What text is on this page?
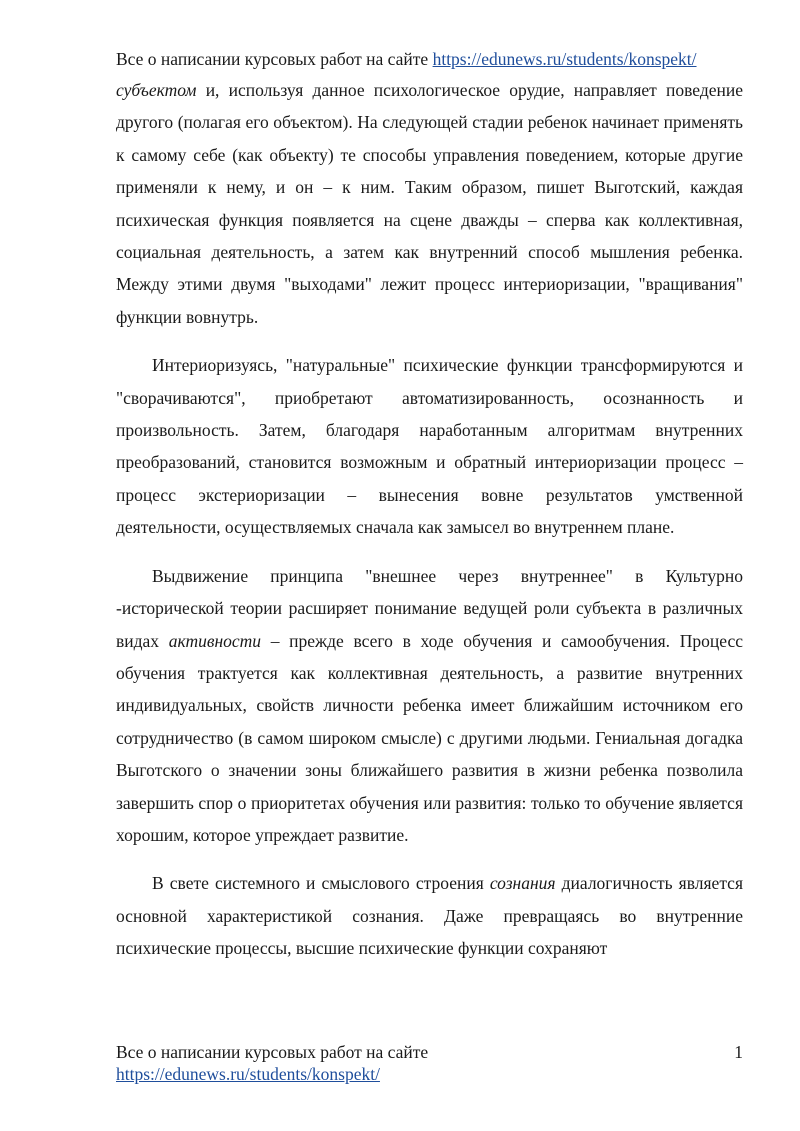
Все о написании курсовых работ на сайте https://edunews.ru/students/konspekt/

субъектом и, используя данное психологическое орудие, направляет поведение другого (полагая его объектом). На следующей стадии ребенок начинает применять к самому себе (как объекту) те способы управления поведением, которые другие применяли к нему, и он – к ним. Таким образом, пишет Выготский, каждая психическая функция появляется на сцене дважды – сперва как коллективная, социальная деятельность, а затем как внутренний способ мышления ребенка. Между этими двумя "выходами" лежит процесс интериоризации, "вращивания" функции вовнутрь.

Интериоризуясь, "натуральные" психические функции трансформируются и "сворачиваются", приобретают автоматизированность, осознанность и произвольность. Затем, благодаря наработанным алгоритмам внутренних преобразований, становится возможным и обратный интериоризации процесс – процесс экстериоризации – вынесения вовне результатов умственной деятельности, осуществляемых сначала как замысел во внутреннем плане.

Выдвижение принципа "внешнее через внутреннее" в Культурно -исторической теории расширяет понимание ведущей роли субъекта в различных видах активности – прежде всего в ходе обучения и самообучения. Процесс обучения трактуется как коллективная деятельность, а развитие внутренних индивидуальных, свойств личности ребенка имеет ближайшим источником его сотрудничество (в самом широком смысле) с другими людьми. Гениальная догадка Выготского о значении зоны ближайшего развития в жизни ребенка позволила завершить спор о приоритетах обучения или развития: только то обучение является хорошим, которое упреждает развитие.

В свете системного и смыслового строения сознания диалогичность является основной характеристикой сознания. Даже превращаясь во внутренние психические процессы, высшие психические функции сохраняют

Все о написании курсовых работ на сайте
https://edunews.ru/students/konspekt/
1
